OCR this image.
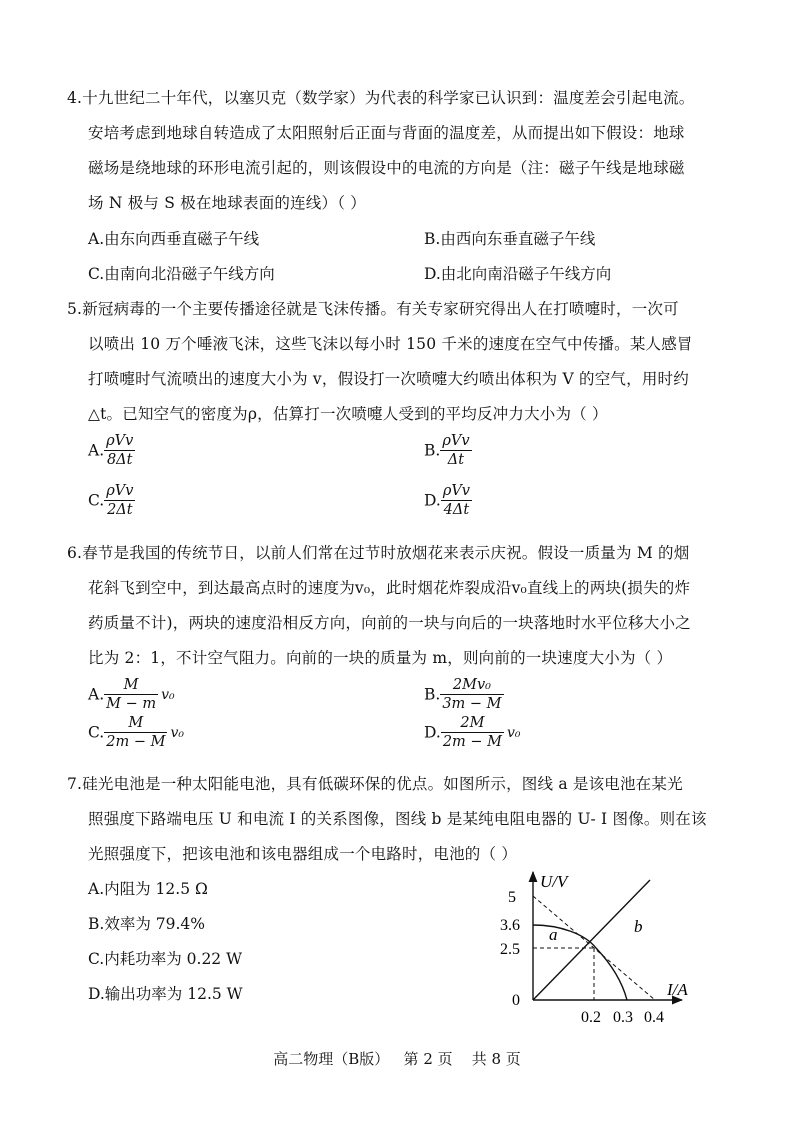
4.十九世纪二十年代，以塞贝克（数学家）为代表的科学家已认识到：温度差会引起电流。
安培考虑到地球自转造成了太阳照射后正面与背面的温度差，从而提出如下假设：地球
磁场是绕地球的环形电流引起的，则该假设中的电流的方向是（注：磁子午线是地球磁
场 N 极与 S 极在地球表面的连线）（ ）
A.由东向西垂直磁子午线	B.由西向东垂直磁子午线
C.由南向北沿磁子午线方向	D.由北向南沿磁子午线方向
5.新冠病毒的一个主要传播途径就是飞沫传播。有关专家研究得出人在打喷嚏时，一次可
以喷出 10 万个唾液飞沫，这些飞沫以每小时 150 千米的速度在空气中传播。某人感冒
打喷嚏时气流喷出的速度大小为 v，假设打一次喷嚏大约喷出体积为 V 的空气，用时约
△t。已知空气的密度为ρ，估算打一次喷嚏人受到的平均反冲力大小为（ ）
A. $\frac{\text{ρVv}}{8\Delta t}$	B. $\frac{\text{ρVv}}{\Delta t}$
C. $\frac{\text{ρVv}}{2\Delta t}$	D. $\frac{\text{ρVv}}{4\Delta t}$
6.春节是我国的传统节日，以前人们常在过节时放烟花来表示庆祝。假设一质量为 M 的烟
花斜飞到空中，到达最高点时的速度为v₀，此时烟花炸裂成沿v₀直线上的两块(损失的炸
药质量不计)，两块的速度沿相反方向，向前的一块与向后的一块落地时水平位移大小之
比为 2：1，不计空气阻力。向前的一块的质量为 m，则向前的一块速度大小为（ ）
A. $\frac{M}{M - m} v_0$	B. $\frac{\text{2Mv₀}}{3m - M}$
C. $\frac{M}{2m - M} v_0$	D. $\frac{2M}{2m - M} v_0$
7.硅光电池是一种太阳能电池，具有低碳环保的优点。如图所示，图线 a 是该电池在某光
照强度下路端电压 U 和电流 I 的关系图像，图线 b 是某纯电阻电器的 U- I 图像。则在该
光照强度下，把该电池和该电器组成一个电路时，电池的（ ）
A.内阻为 12.5 Ω
B.效率为 79.4%
C.内耗功率为 0.22 W
D.输出功率为 12.5 W
U/V
5
3.6
2.5
0
0.2 0.3 0.4
I/A
a	b
高二物理（B版）   第 2 页    共 8 页
